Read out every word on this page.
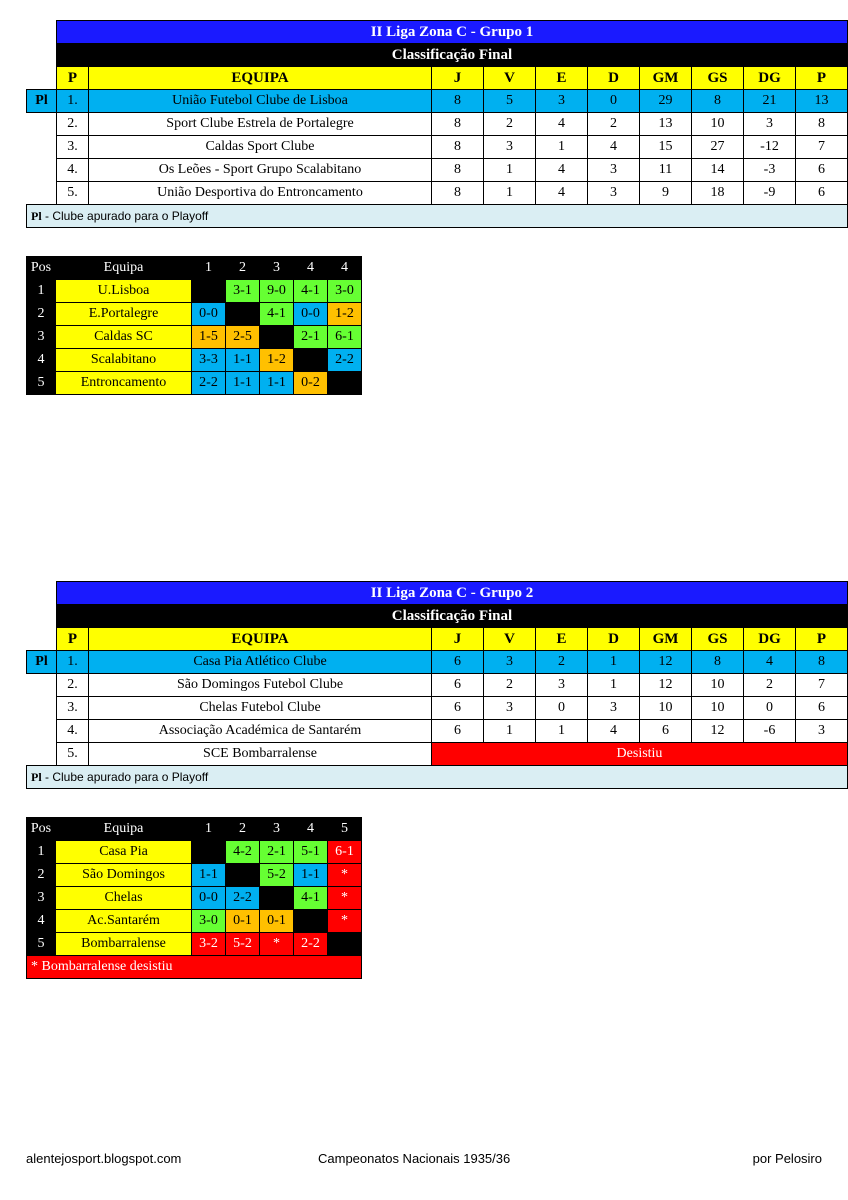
	II Liga Zona C - Grupo 1									
	Classificação Final									
	P	EQUIPA	J	V	E	D	GM	GS	DG	P
Pl	1.	União Futebol Clube de Lisboa	8	5	3	0	29	8	21	13
	2.	Sport Clube Estrela de Portalegre	8	2	4	2	13	10	3	8
	3.	Caldas Sport Clube	8	3	1	4	15	27	-12	7
	4.	Os Leões - Sport Grupo Scalabitano	8	1	4	3	11	14	-3	6
	5.	União Desportiva do Entroncamento	8	1	4	3	9	18	-9	6
Pl - Clube apurado para o Playoff										
Pos	Equipa	1	2	3	4	4
1	U.Lisboa		3-1	9-0	4-1	3-0
2	E.Portalegre	0-0		4-1	0-0	1-2
3	Caldas SC	1-5	2-5		2-1	6-1
4	Scalabitano	3-3	1-1	1-2		2-2
5	Entroncamento	2-2	1-1	1-1	0-2	
	II Liga Zona C - Grupo 2									
	Classificação Final									
	P	EQUIPA	J	V	E	D	GM	GS	DG	P
Pl	1.	Casa Pia Atlético Clube	6	3	2	1	12	8	4	8
	2.	São Domingos Futebol Clube	6	2	3	1	12	10	2	7
	3.	Chelas Futebol Clube	6	3	0	3	10	10	0	6
	4.	Associação Académica de Santarém	6	1	1	4	6	12	-6	3
	5.	SCE Bombarralense	Desistiu							
Pl - Clube apurado para o Playoff										
Pos	Equipa	1	2	3	4	5
1	Casa Pia		4-2	2-1	5-1	6-1
2	São Domingos	1-1		5-2	1-1	*
3	Chelas	0-0	2-2		4-1	*
4	Ac.Santarém	3-0	0-1	0-1		*
5	Bombarralense	3-2	5-2	*	2-2	
* Bombarralense desistiu						
alentejosport.blogspot.com	Campeonatos Nacionais 1935/36	por Pelosiro
